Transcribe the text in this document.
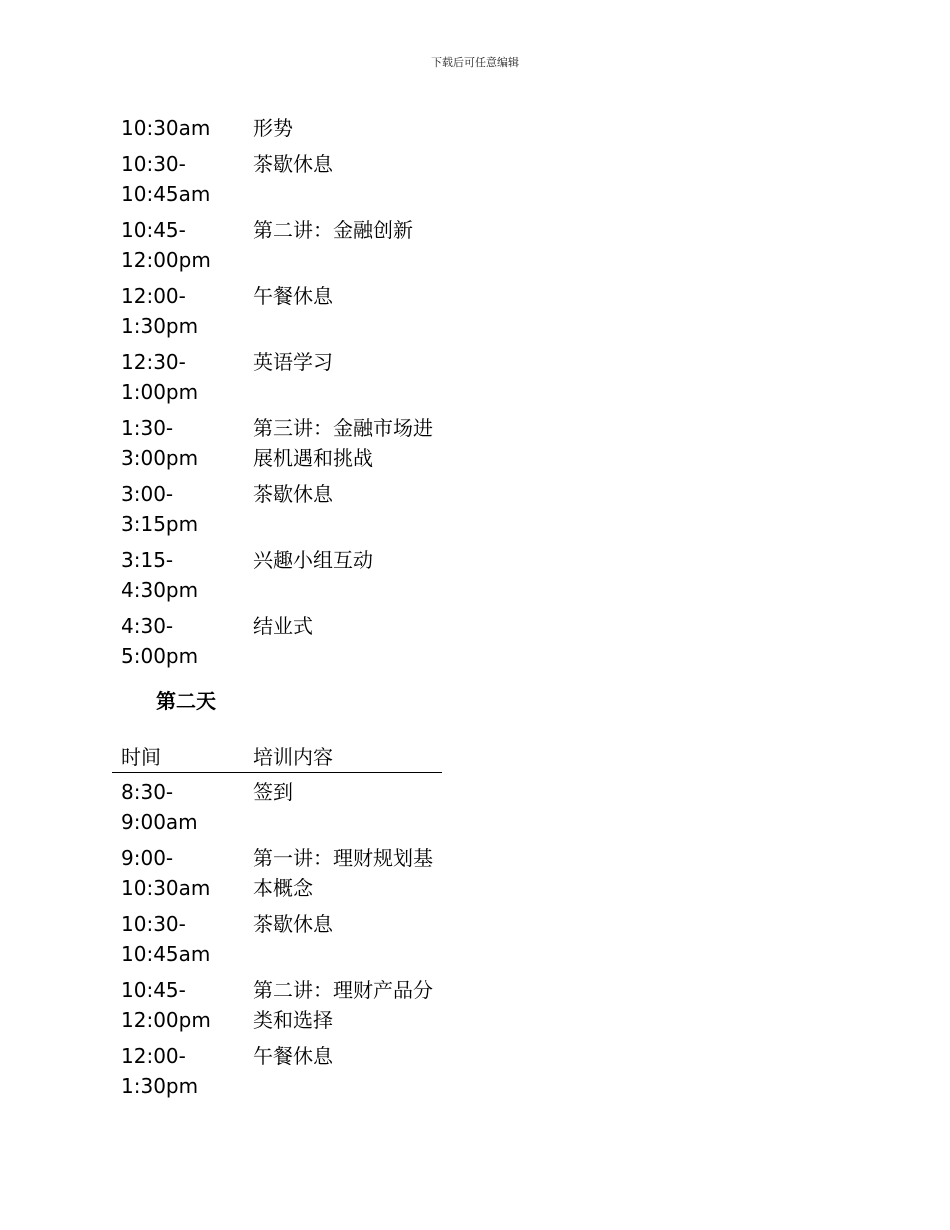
下载后可任意编辑
10:30am	形势
10:30-
10:45am
茶歇休息
10:45-
12:00pm
第二讲：金融创新
12:00-
1:30pm
午餐休息
12:30-
1:00pm
英语学习
1:30-
3:00pm
第三讲：金融市场进展机遇和挑战
3:00-
3:15pm
茶歇休息
3:15-
4:30pm
兴趣小组互动
4:30-
5:00pm
结业式
第二天
时间	培训内容
8:30-
9:00am
签到
9:00-
10:30am
第一讲：理财规划基本概念
10:30-
10:45am
茶歇休息
10:45-
12:00pm
第二讲：理财产品分类和选择
12:00-
1:30pm
午餐休息
